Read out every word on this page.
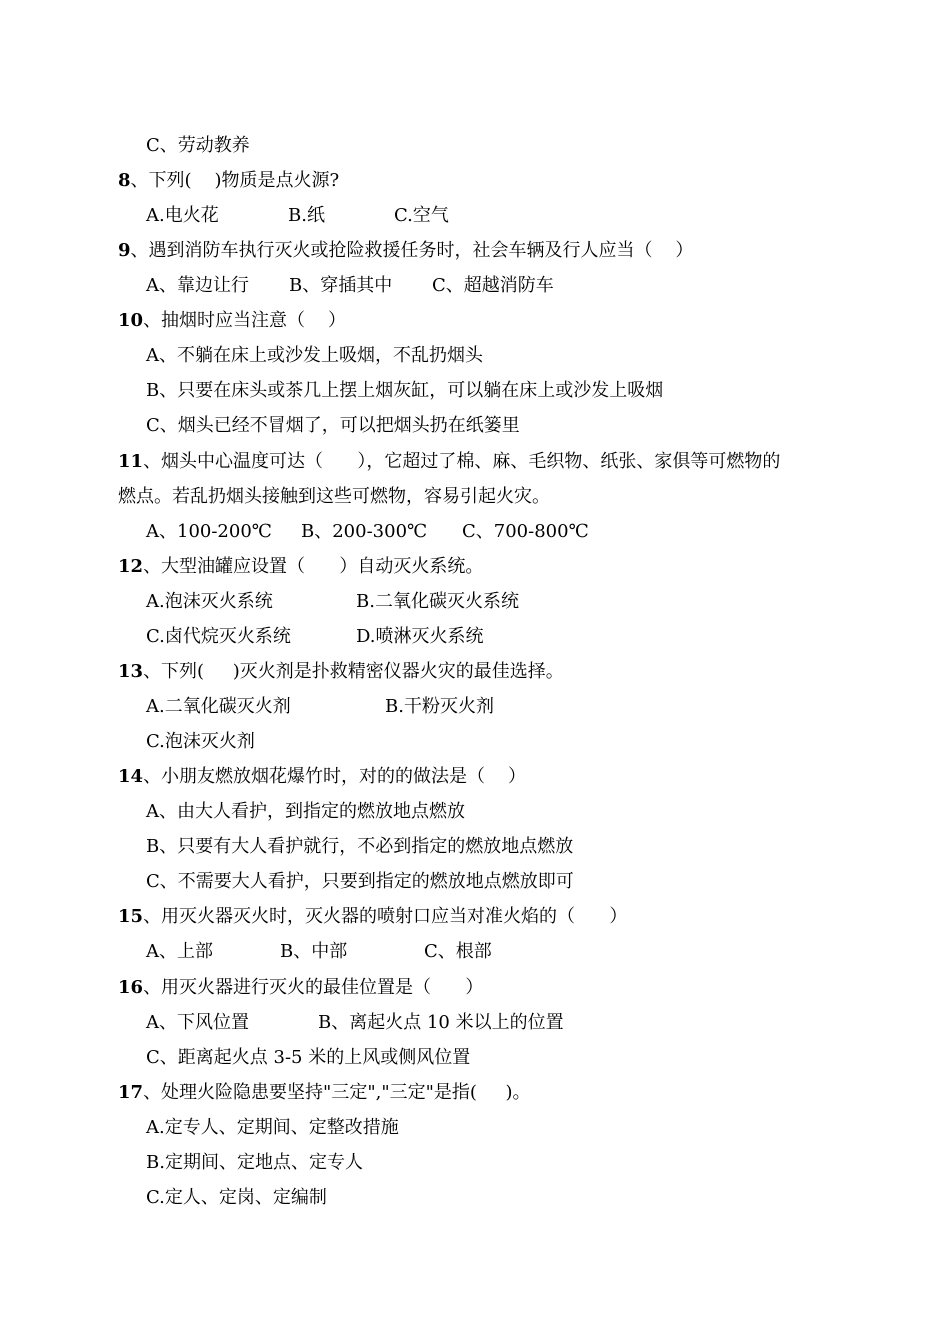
C、劳动教养

8、下列(    )物质是点火源?

A.电火花

	B.纸

	C.空气

9、遇到消防车执行灭火或抢险救援任务时，社会车辆及行人应当（    ）

A、靠边让行

B、穿插其中

C、超越消防车

10、抽烟时应当注意（    ）

A、不躺在床上或沙发上吸烟，不乱扔烟头

B、只要在床头或茶几上摆上烟灰缸，可以躺在床上或沙发上吸烟

C、烟头已经不冒烟了，可以把烟头扔在纸篓里

11、烟头中心温度可达（      ），它超过了棉、麻、毛织物、纸张、家俱等可燃物的
燃点。若乱扔烟头接触到这些可燃物，容易引起火灾。

A、100-200℃

B、200-300℃

C、700-800℃

12、大型油罐应设置（      ）自动灭火系统。

A.泡沫灭火系统

	B.二氧化碳灭火系统

C.卤代烷灭火系统

	D.喷淋灭火系统

13、下列(     )灭火剂是扑救精密仪器火灾的最佳选择。

A.二氧化碳灭火剂

	B.干粉灭火剂

C.泡沫灭火剂

14、小朋友燃放烟花爆竹时，对的的做法是（    ）

A、由大人看护，到指定的燃放地点燃放

B、只要有大人看护就行，不必到指定的燃放地点燃放

C、不需要大人看护，只要到指定的燃放地点燃放即可

15、用灭火器灭火时，灭火器的喷射口应当对准火焰的（      ）

A、上部

	B、中部

	C、根部

16、用灭火器进行灭火的最佳位置是（      ）

A、下风位置

	B、离起火点 10 米以上的位置

C、距离起火点 3-5 米的上风或侧风位置

17、处理火险隐患要坚持"三定","三定"是指(     )。

A.定专人、定期间、定整改措施

B.定期间、定地点、定专人

C.定人、定岗、定编制
